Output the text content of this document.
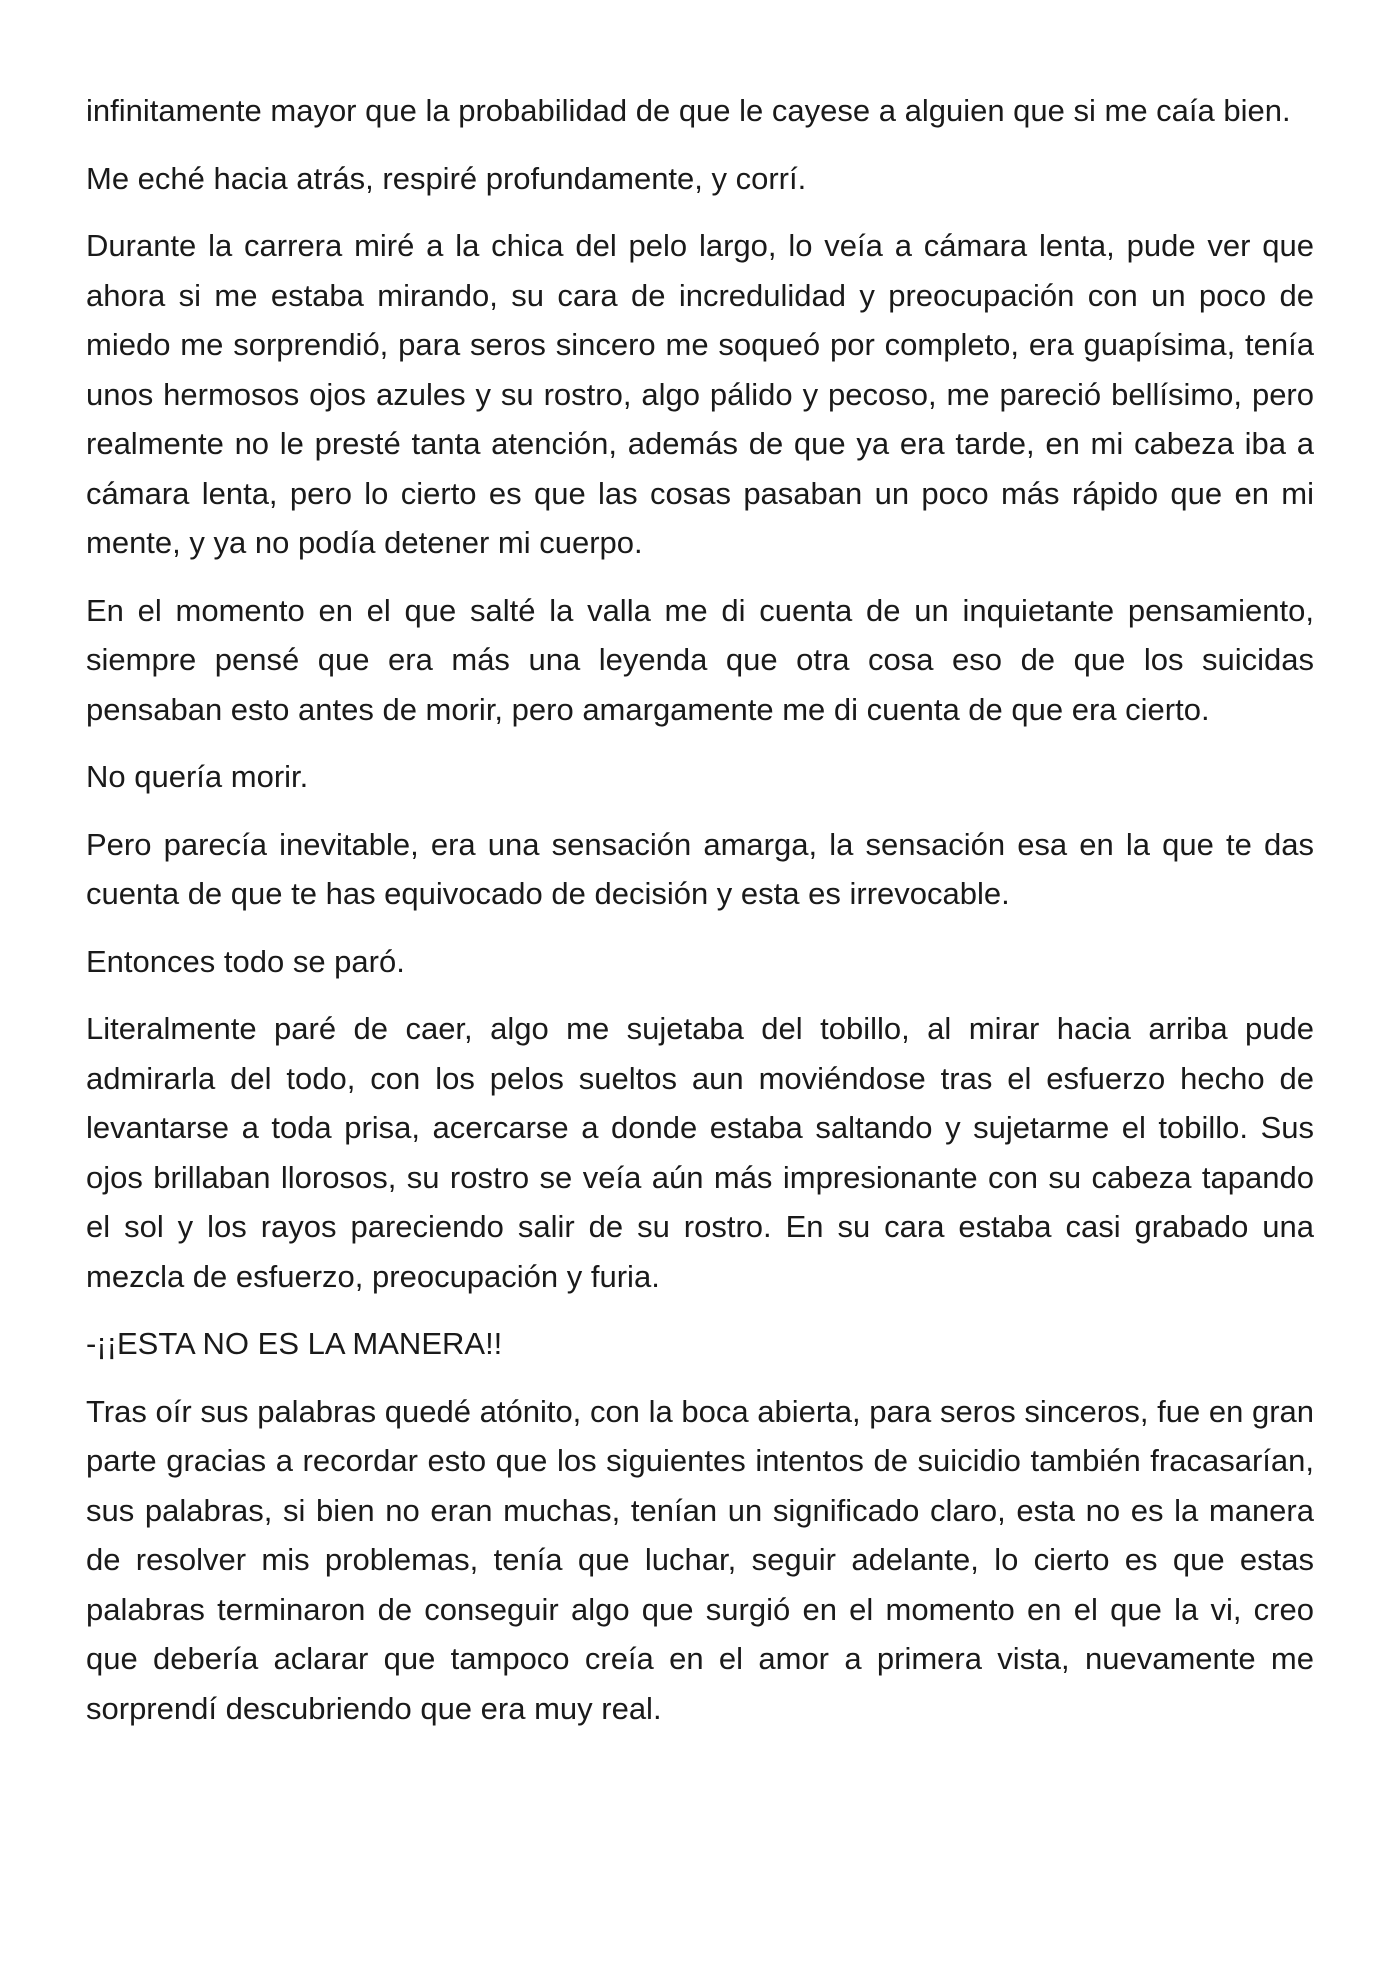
infinitamente mayor que la probabilidad de que le cayese a alguien que si me caía bien.

Me eché hacia atrás, respiré profundamente, y corrí.

Durante la carrera miré a la chica del pelo largo, lo veía a cámara lenta, pude ver que ahora si me estaba mirando, su cara de incredulidad y preocupación con un poco de miedo me sorprendió, para seros sincero me soqueó por completo, era guapísima, tenía unos hermosos ojos azules y su rostro, algo pálido y pecoso, me pareció bellísimo, pero realmente no le presté tanta atención, además de que ya era tarde, en mi cabeza iba a cámara lenta, pero lo cierto es que las cosas pasaban un poco más rápido que en mi mente, y ya no podía detener mi cuerpo.

En el momento en el que salté la valla me di cuenta de un inquietante pensamiento, siempre pensé que era más una leyenda que otra cosa eso de que los suicidas pensaban esto antes de morir, pero amargamente me di cuenta de que era cierto.

No quería morir.

Pero parecía inevitable, era una sensación amarga, la sensación esa en la que te das cuenta de que te has equivocado de decisión y esta es irrevocable.

Entonces todo se paró.

Literalmente paré de caer, algo me sujetaba del tobillo, al mirar hacia arriba pude admirarla del todo, con los pelos sueltos aun moviéndose tras el esfuerzo hecho de levantarse a toda prisa, acercarse a donde estaba saltando y sujetarme el tobillo. Sus ojos brillaban llorosos, su rostro se veía aún más impresionante con su cabeza tapando el sol y los rayos pareciendo salir de su rostro. En su cara estaba casi grabado una mezcla de esfuerzo, preocupación y furia.

-¡¡ESTA NO ES LA MANERA!!

Tras oír sus palabras quedé atónito, con la boca abierta, para seros sinceros, fue en gran parte gracias a recordar esto que los siguientes intentos de suicidio también fracasarían, sus palabras, si bien no eran muchas, tenían un significado claro, esta no es la manera de resolver mis problemas, tenía que luchar, seguir adelante, lo cierto es que estas palabras terminaron de conseguir algo que surgió en el momento en el que la vi, creo que debería aclarar que tampoco creía en el amor a primera vista, nuevamente me sorprendí descubriendo que era muy real.
